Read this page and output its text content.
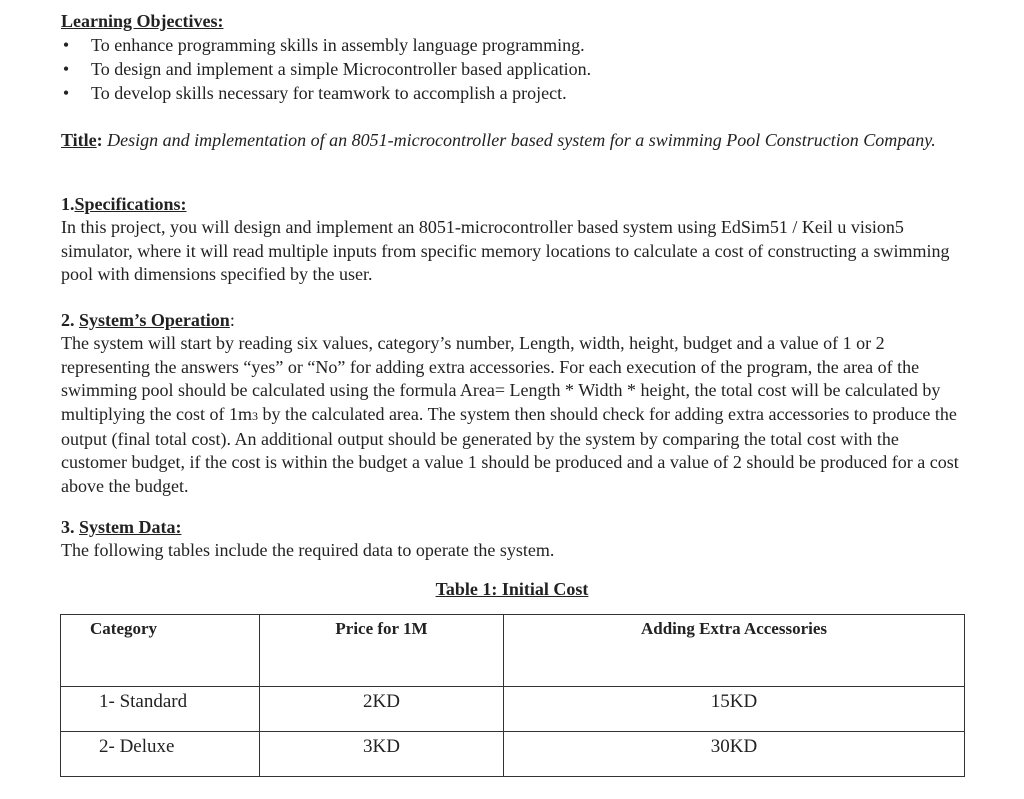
Learning Objectives:
• To enhance programming skills in assembly language programming.
• To design and implement a simple Microcontroller based application.
• To develop skills necessary for teamwork to accomplish a project.
Title: Design and implementation of an 8051-microcontroller based system for a swimming Pool Construction Company.
1.Specifications:
In this project, you will design and implement an 8051-microcontroller based system using EdSim51 / Keil u vision5 simulator, where it will read multiple inputs from specific memory locations to calculate a cost of constructing a swimming pool with dimensions specified by the user.
2. System’s Operation:
The system will start by reading six values, category’s number, Length, width, height, budget and a value of 1 or 2 representing the answers “yes” or “No” for adding extra accessories. For each execution of the program, the area of the swimming pool should be calculated using the formula Area= Length * Width * height, the total cost will be calculated by multiplying the cost of 1m3 by the calculated area. The system then should check for adding extra accessories to produce the output (final total cost). An additional output should be generated by the system by comparing the total cost with the customer budget, if the cost is within the budget a value 1 should be produced and a value of 2 should be produced for a cost above the budget.
3. System Data:
The following tables include the required data to operate the system.
Table 1: Initial Cost
Category	Price for 1M	Adding Extra Accessories
1- Standard	2KD	15KD
2- Deluxe	3KD	30KD
